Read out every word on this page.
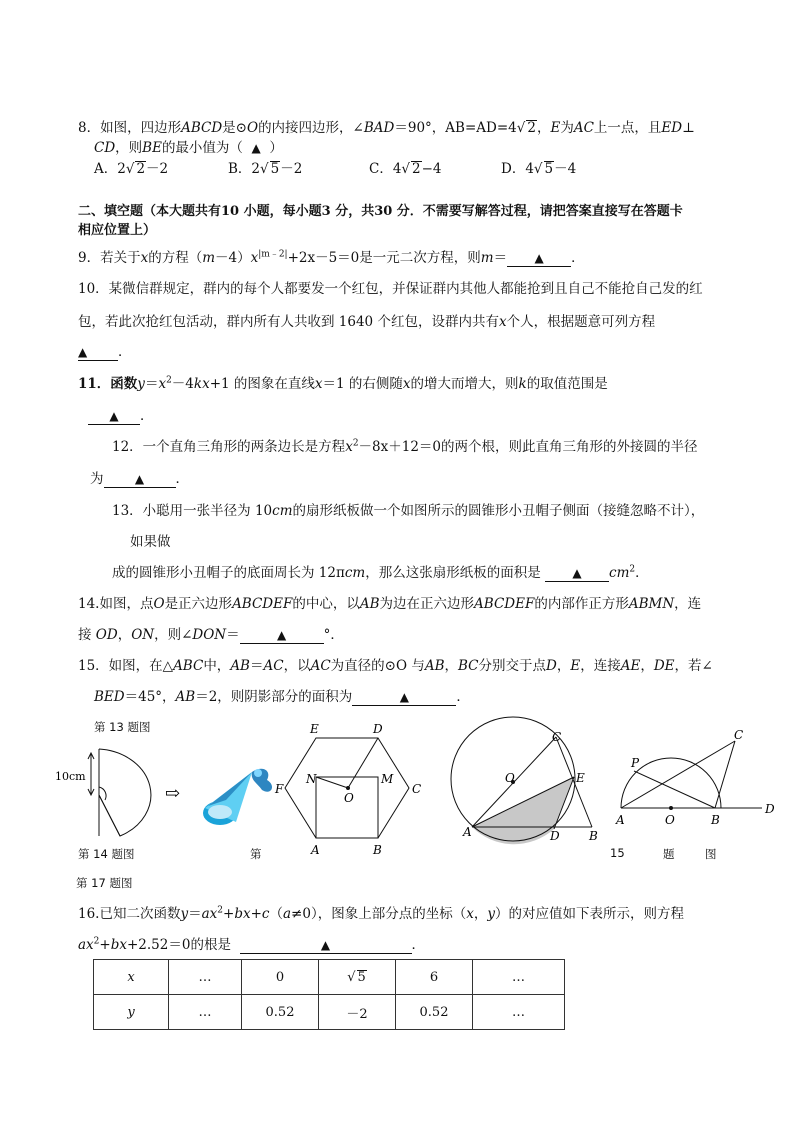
8．如图，四边形ABCD是⊙O的内接四边形，∠BAD＝90°，AB=AD=4√ 2，E为AC上一点，且ED⊥
CD，则BE的最小值为（ ▲ ）
A．2√ 2－2	B．2√ 5－2	C．4√ 2−4	D．4√ 5－4
二、填空题（本大题共有10 小题，每小题3 分，共30 分．不需要写解答过程，请把答案直接写在答题卡
相应位置上）
9．若关于x的方程$(m-4)x^{|m﹣2|}+2x-5=0$是一元二次方程，则m＝ ▲ ．
10．某微信群规定，群内的每个人都要发一个红包，并保证群内其他人都能抢到且自己不能抢自己发的红
包，若此次抢红包活动，群内所有人共收到 1640 个红包，设群内共有x个人，根据题意可列方程
▲ ．
11．函数$y=x^2-4kx+1$ 的图象在直线x＝1 的右侧随x的增大而增大，则k的取值范围是
▲ ．
12．一个直角三角形的两条边长是方程$x^2-8x+12=0$的两个根，则此直角三角形的外接圆的半径
为	▲ ．
13．小聪用一张半径为 10cm的扇形纸板做一个如图所示的圆锥形小丑帽子侧面（接缝忽略不计），
如果做
成的圆锥形小丑帽子的底面周长为 12πcm，那么这张扇形纸板的面积是	▲ $cm^2$．
14.如图，点O是正六边形ABCDEF的中心，以AB为边在正六边形ABCDEF的内部作正方形ABMN，连
接 OD，ON，则∠DON＝	▲	°．
15．如图，在△ABC中，AB＝AC，以AC为直径的⊙O 与AB，BC分别交于点D，E，连接AE，DE，若∠
BED＝45°，AB＝2，则阴影部分的面积为	▲	．
第 13 题图
第 14 题图	第	15	题	图
第 17 题图
10cm
⇨
E	D
F	C
N	M
O
A	B
O
C
E
A	D B
P
C
A	O	B
D
16.已知二次函数$y=ax^2+bx+c(a\ne 0)$，图象上部分点的坐标（x，y）的对应值如下表所示，则方程
$ax^2+bx+2.52=0$的根是	▲	．
x	…	0	√ 5	6	…
y	…	0.52	－2	0.52	…
